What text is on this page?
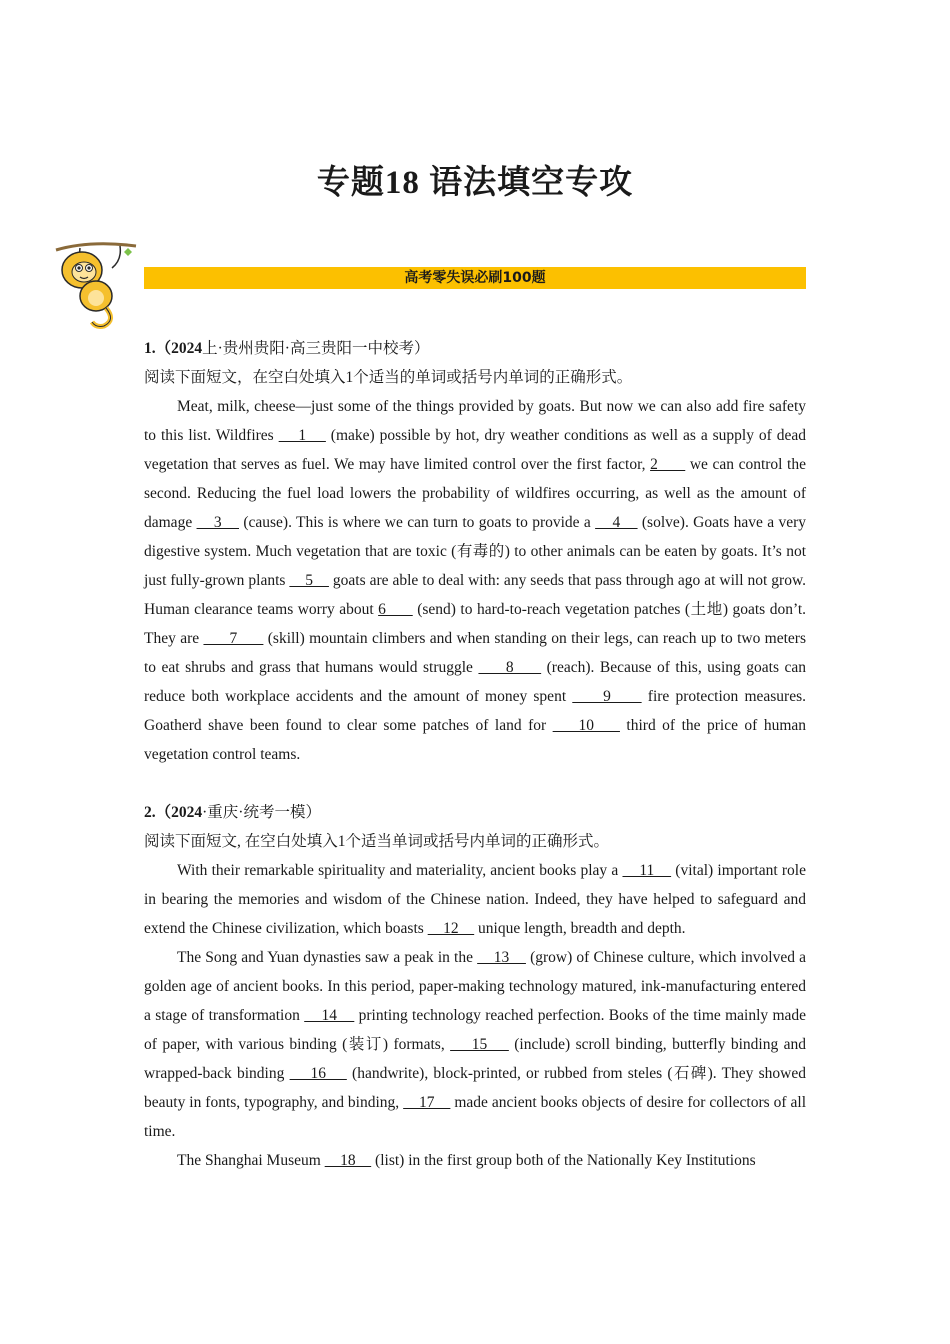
专题18 语法填空专攻
高考零失误必刷100题

1.（2024上·贵州贵阳·高三贵阳一中校考）

阅读下面短文，在空白处填入1个适当的单词或括号内单词的正确形式。

Meat, milk, cheese—just some of the things provided by goats. But now we can also add fire safety to this list. Wildfires     1     (make) possible by hot, dry weather conditions as well as a supply of dead vegetation that serves as fuel. We may have limited control over the first factor, 2       we can control the second. Reducing the fuel load lowers the probability of wildfires occurring, as well as the amount of damage     3     (cause). This is where we can turn to goats to provide a     4     (solve). Goats have a very digestive system. Much vegetation that are toxic (有毒的) to other animals can be eaten by goats. It’s not just fully-grown plants     5     goats are able to deal with: any seeds that pass through ago at will not grow. Human clearance teams worry about 6       (send) to hard-to-reach vegetation patches (土地) goats don’t. They are       7       (skill) mountain climbers and when standing on their legs, can reach up to two meters to eat shrubs and grass that humans would struggle      8      (reach). Because of this, using goats can reduce both workplace accidents and the amount of money spent      9      fire protection measures. Goatherd shave been found to clear some patches of land for     10     third of the price of human vegetation control teams.

2.（2024·重庆·统考一模）

阅读下面短文, 在空白处填入1个适当单词或括号内单词的正确形式。

With their remarkable spirituality and materiality, ancient books play a     11     (vital) important role in bearing the memories and wisdom of the Chinese nation. Indeed, they have helped to safeguard and extend the Chinese civilization, which boasts     12     unique length, breadth and depth.

The Song and Yuan dynasties saw a peak in the     13     (grow) of Chinese culture, which involved a golden age of ancient books. In this period, paper-making technology matured, ink-manufacturing entered a stage of transformation     14     printing technology reached perfection. Books of the time mainly made of paper, with various binding (装订) formats,     15     (include) scroll binding, butterfly binding and wrapped-back binding     16     (handwrite), block-printed, or rubbed from steles (石碑). They showed beauty in fonts, typography, and binding,     17     made ancient books objects of desire for collectors of all time.

The Shanghai Museum     18     (list) in the first group both of the Nationally Key Institutions
